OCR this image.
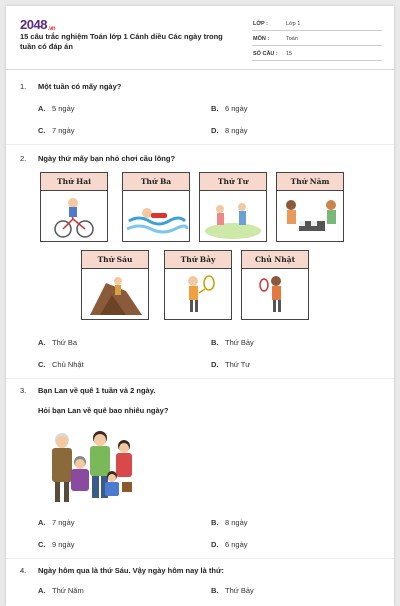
2048.vn
15 câu trắc nghiệm Toán lớp 1 Cánh diều Các ngày trong tuần có đáp án
LỚP :	Lớp 1
MÔN :	Toán
SỐ CÂU : 15
1. Một tuần có mấy ngày?
A. 5 ngày	B. 6 ngày
C. 7 ngày	D. 8 ngày
2. Ngày thứ mấy bạn nhỏ chơi cầu lông?
Thứ Hai	Thứ Ba	Thứ Tư	Thứ Năm
Thứ Sáu	Thứ Bảy	Chủ Nhật
A. Thứ Ba	B. Thứ Bảy
C. Chủ Nhật	D. Thứ Tư
3. Bạn Lan về quê 1 tuần và 2 ngày.
Hỏi bạn Lan về quê bao nhiêu ngày?
A. 7 ngày	B. 8 ngày
C. 9 ngày	D. 6 ngày
4. Ngày hôm qua là thứ Sáu. Vậy ngày hôm nay là thứ:
A. Thứ Năm	B. Thứ Bảy
